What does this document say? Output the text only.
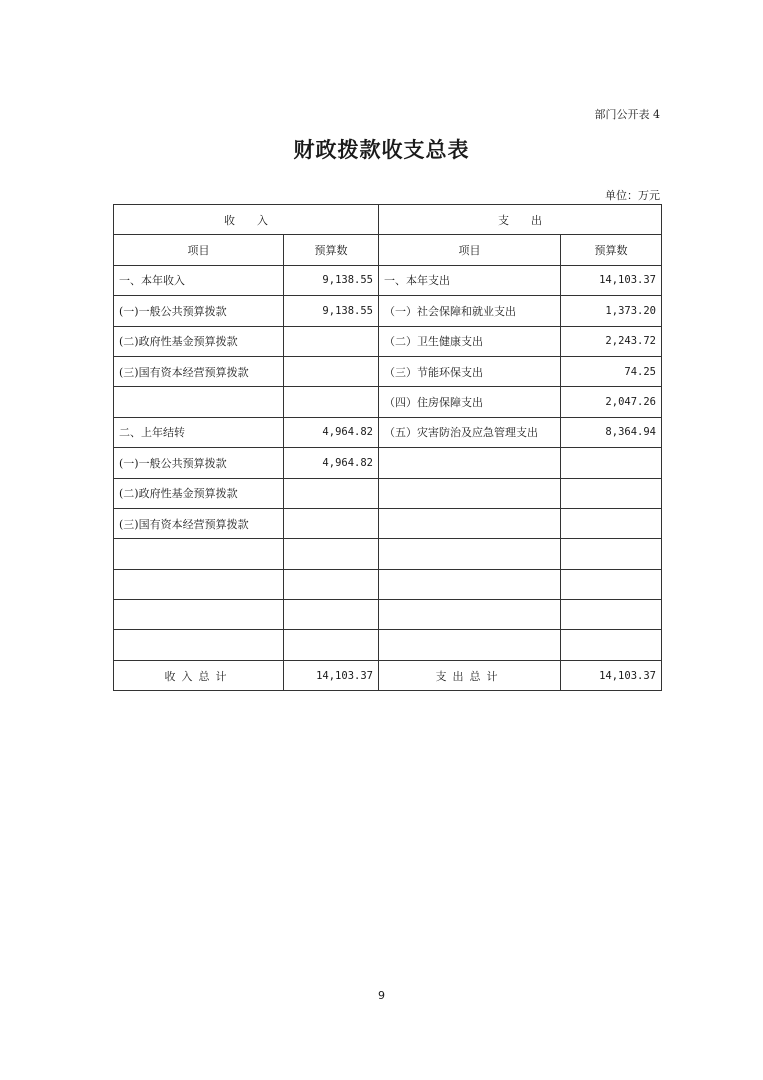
部门公开表 4
财政拨款收支总表
单位：万元
收　　入		支　　出	
项目	预算数	项目	预算数
一、本年收入	9,138.55	一、本年支出	14,103.37
(一)一般公共预算拨款	9,138.55	（一）社会保障和就业支出	1,373.20
(二)政府性基金预算拨款		（二）卫生健康支出	2,243.72
(三)国有资本经营预算拨款		（三）节能环保支出	74.25
		（四）住房保障支出	2,047.26
二、上年结转	4,964.82	（五）灾害防治及应急管理支出	8,364.94
(一)一般公共预算拨款	4,964.82		
(二)政府性基金预算拨款			
(三)国有资本经营预算拨款			

收入总计	14,103.37	支出总计	14,103.37
9
